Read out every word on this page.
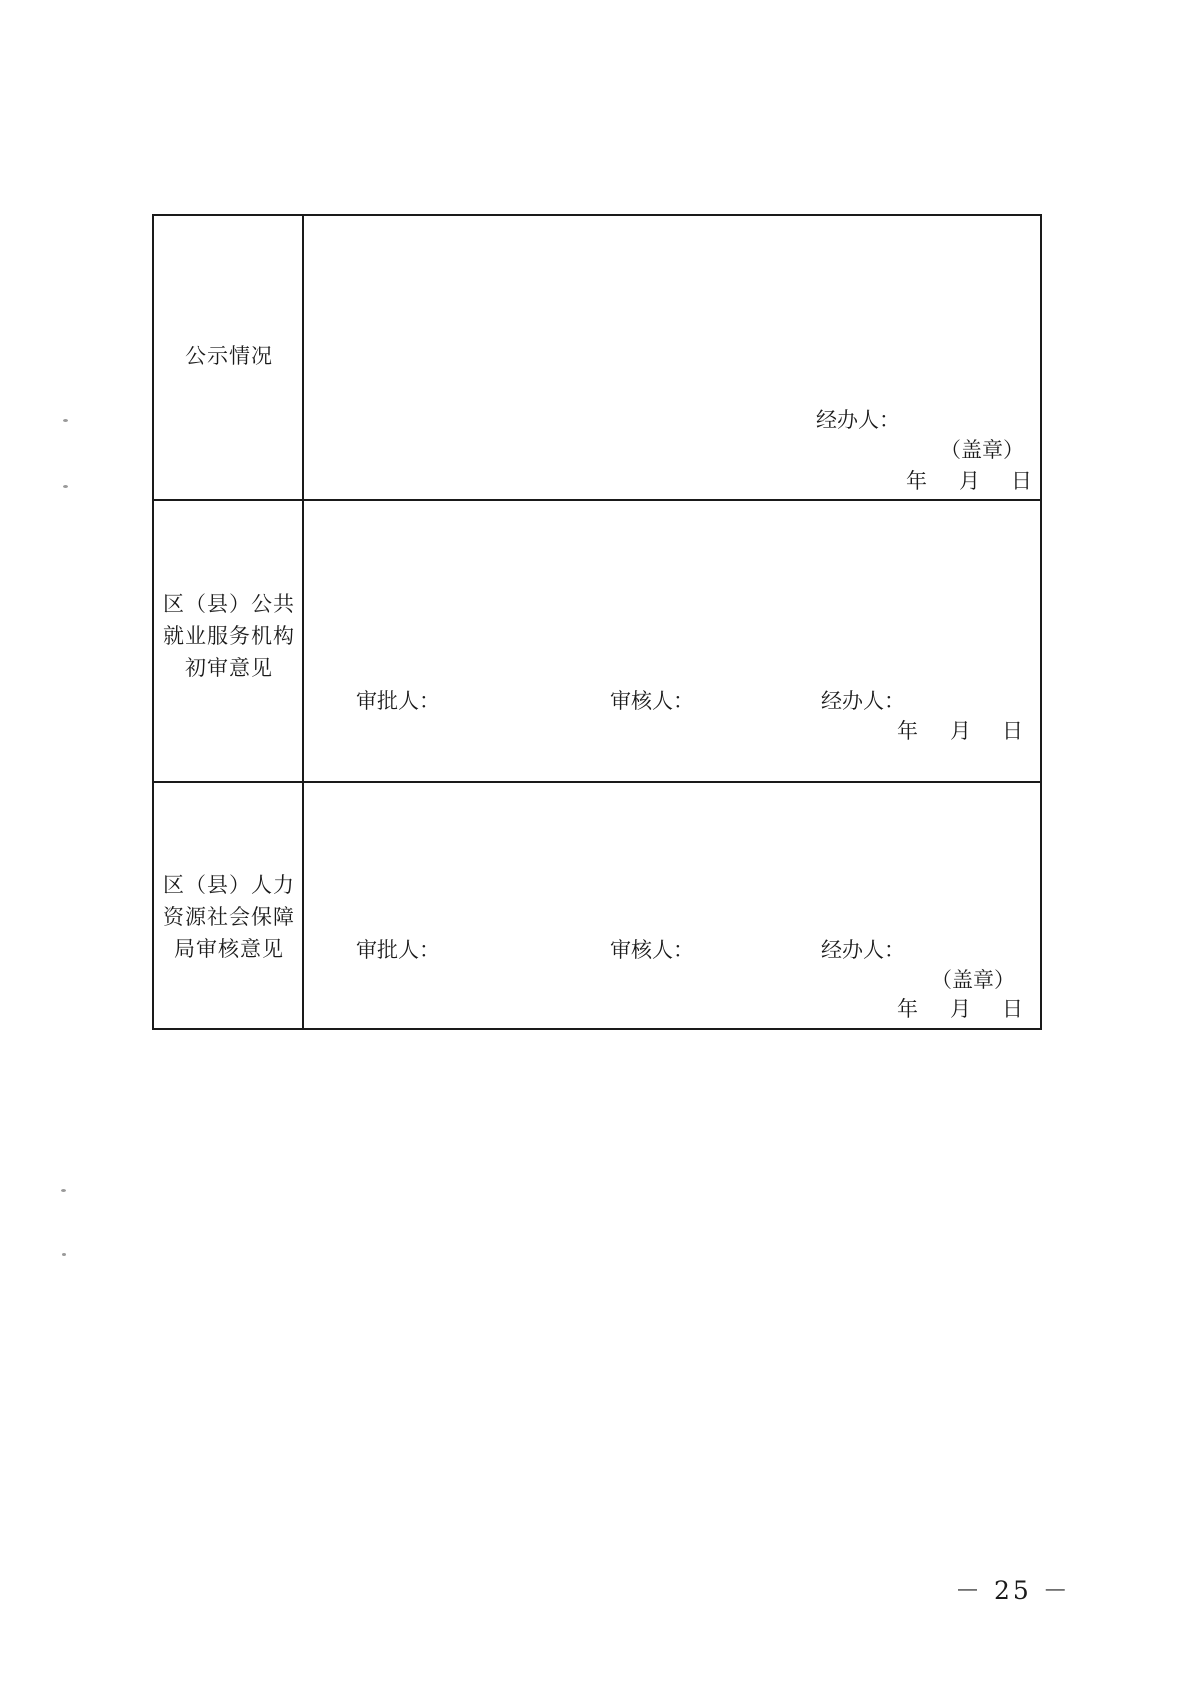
公示情况
经办人：
（盖章）
年 月 日
区（县）公共
就业服务机构
初审意见
审批人：	审核人：	经办人：
年 月 日
区（县）人力
资源社会保障
局审核意见	审批人：	审核人：	经办人：
（盖章）
年 月 日
－ 25 －
